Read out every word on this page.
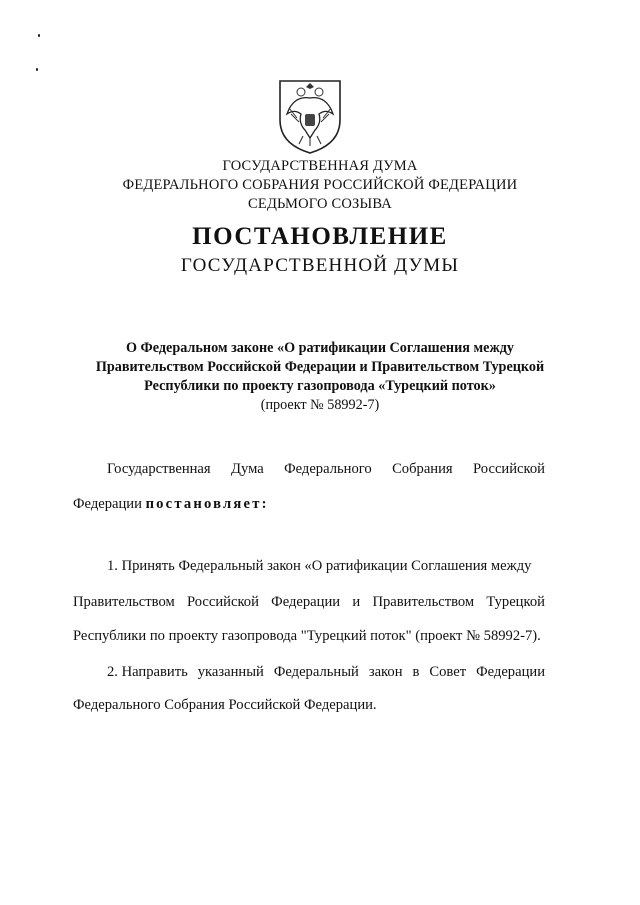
ГОСУДАРСТВЕННАЯ ДУМА
ФЕДЕРАЛЬНОГО СОБРАНИЯ РОССИЙСКОЙ ФЕДЕРАЦИИ
СЕДЬМОГО СОЗЫВА
ПОСТАНОВЛЕНИЕ
ГОСУДАРСТВЕННОЙ ДУМЫ
О Федеральном законе «О ратификации Соглашения между
Правительством Российской Федерации и Правительством Турецкой
Республики по проекту газопровода «Турецкий поток»
(проект № 58992-7)
Государственная Дума Федерального Собрания Российской
Федерации постановляет:
1. Принять Федеральный закон «О ратификации Соглашения между
Правительством Российской Федерации и Правительством Турецкой
Республики по проекту газопровода "Турецкий поток" (проект № 58992-7).
2. Направить указанный Федеральный закон в Совет Федерации
Федерального Собрания Российской Федерации.
